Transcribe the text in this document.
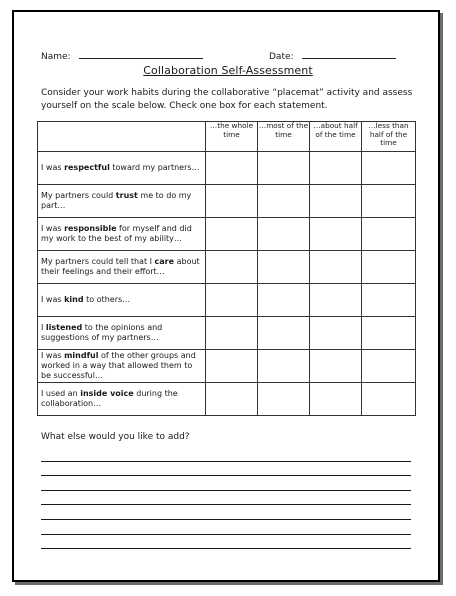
Name:	Date:
Collaboration Self-Assessment
Consider your work habits during the collaborative “placemat” activity and assess yourself on the scale below. Check one box for each statement.
	…the whole time	…most of the time	…about half of the time	…less than half of the time
I was respectful toward my partners…				
My partners could trust me to do my part…				
I was responsible for myself and did my work to the best of my ability…				
My partners could tell that I care about their feelings and their effort…				
I was kind to others…				
I listened to the opinions and suggestions of my partners…				
I was mindful of the other groups and worked in a way that allowed them to be successful…				
I used an inside voice during the collaboration…				
What else would you like to add?
